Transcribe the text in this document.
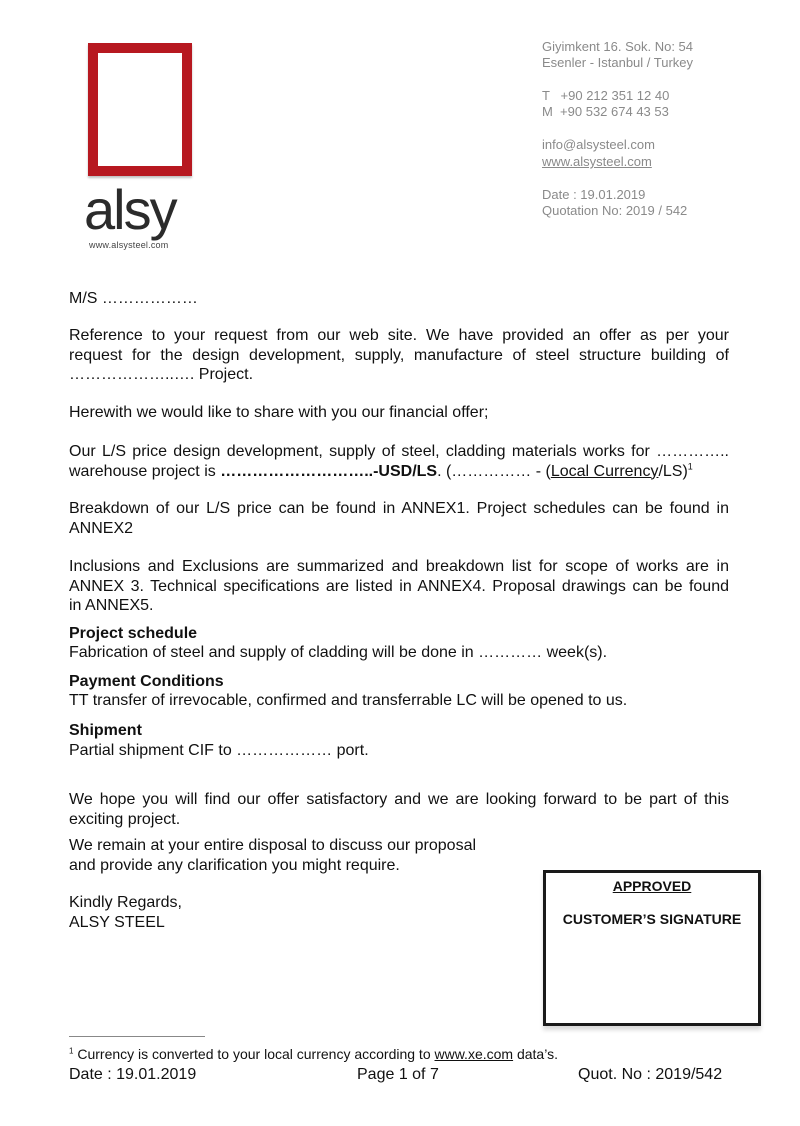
alsy
www.alsysteel.com
Giyimkent 16. Sok. No: 54
Esenler - Istanbul / Turkey
T   +90 212 351 12 40
M  +90 532 674 43 53
info@alsysteel.com
www.alsysteel.com
Date : 19.01.2019
Quotation No: 2019 / 542
M/S ………………
Reference to your request from our web site. We have provided an offer as per your
request for the design development, supply, manufacture of steel structure building of
………………..…. Project.
Herewith we would like to share with you our financial offer;
Our L/S price design development, supply of steel, cladding materials works for …………..
warehouse project is ………………………..-USD/LS. (…………… - (Local Currency/LS)$^1$
Breakdown of our L/S price can be found in ANNEX1. Project schedules can be found in
ANNEX2
Inclusions and Exclusions are summarized and breakdown list for scope of works are in
ANNEX 3. Technical specifications are listed in ANNEX4. Proposal drawings can be found
in ANNEX5.
Project schedule
Fabrication of steel and supply of cladding will be done in ………… week(s).
Payment Conditions
TT transfer of irrevocable, confirmed and transferrable LC will be opened to us.
Shipment
Partial shipment CIF to ……………… port.
We hope you will find our offer satisfactory and we are looking forward to be part of this
exciting project.
We remain at your entire disposal to discuss our proposal
and provide any clarification you might require.
Kindly Regards,
ALSY STEEL
APPROVED
CUSTOMER’S SIGNATURE
$^1$ Currency is converted to your local currency according to www.xe.com data’s.
Date : 19.01.2019	Page 1 of 7	Quot. No : 2019/542
